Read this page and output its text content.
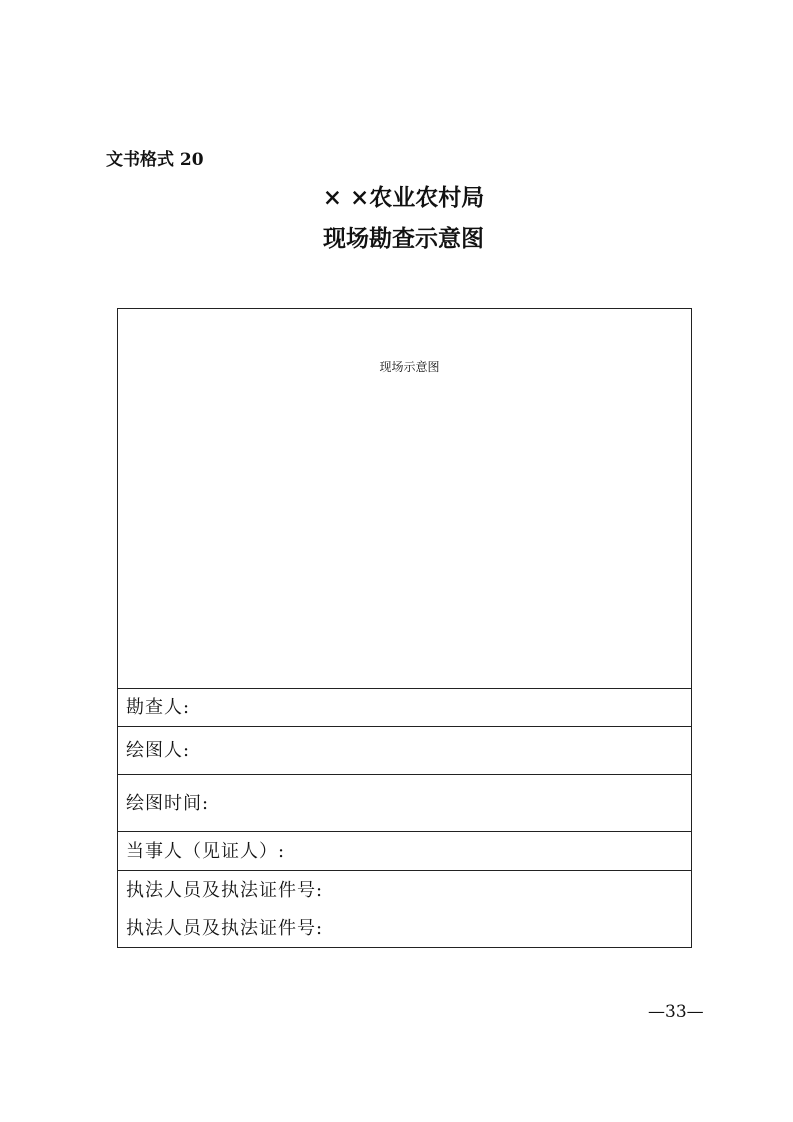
文书格式 20
× ×农业农村局
现场勘查示意图
现场示意图
勘查人:
绘图人:
绘图时间:
当事人（见证人）:
执法人员及执法证件号:
执法人员及执法证件号:
—33—
